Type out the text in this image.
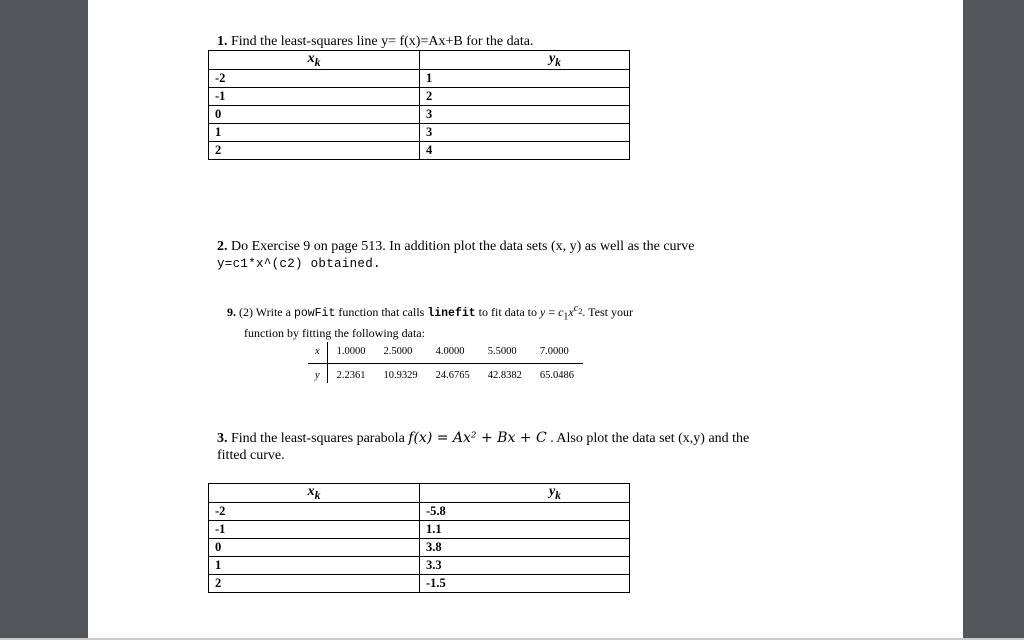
1. Find the least-squares line y= f(x)=Ax+B for the data.
$x_k$	$y_k$
-2	1
-1	2
0	3
1	3
2	4
2. Do Exercise 9 on page 513. In addition plot the data sets (x, y) as well as the curve
y=c1*x^(c2) obtained.
9. (2) Write a powFit function that calls linefit to fit data to $y = c_1x^{c_2}$. Test your
function by fitting the following data:
x	1.0000	2.5000	4.0000	5.5000	7.0000
y	2.2361	10.9329	24.6765	42.8382	65.0486
3. Find the least-squares parabola f(x) = Ax² + Bx + C . Also plot the data set (x,y) and the
fitted curve.
$x_k$	$y_k$
-2	-5.8
-1	1.1
0	3.8
1	3.3
2	-1.5
